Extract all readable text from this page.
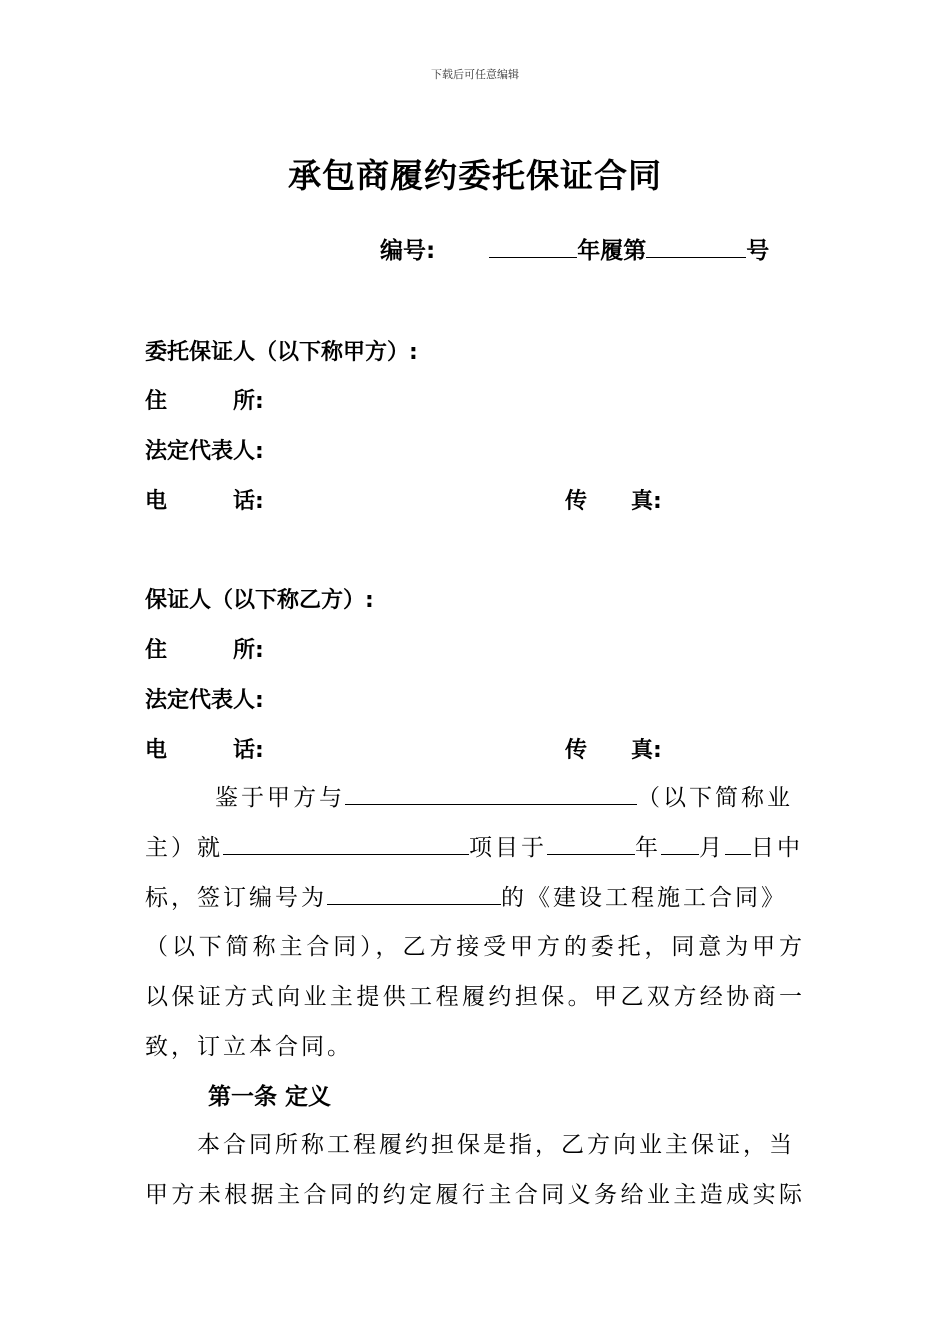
下载后可任意编辑
承包商履约委托保证合同
编号:	年履第	号
委托保证人（以下称甲方）:
住　　　所:
法定代表人:
电　　　话:	传　　真:
保证人（以下称乙方）:
住　　　所:
法定代表人:
电　　　话:	传　　真:
鉴于甲方与	（以下简称业
主）就	项目于	年 月 日中
标，签订编号为	的《建设工程施工合同》
（以下简称主合同），乙方接受甲方的委托，同意为甲方
以保证方式向业主提供工程履约担保。甲乙双方经协商一
致，订立本合同。
第一条 定义
本合同所称工程履约担保是指，乙方向业主保证，当
甲方未根据主合同的约定履行主合同义务给业主造成实际
